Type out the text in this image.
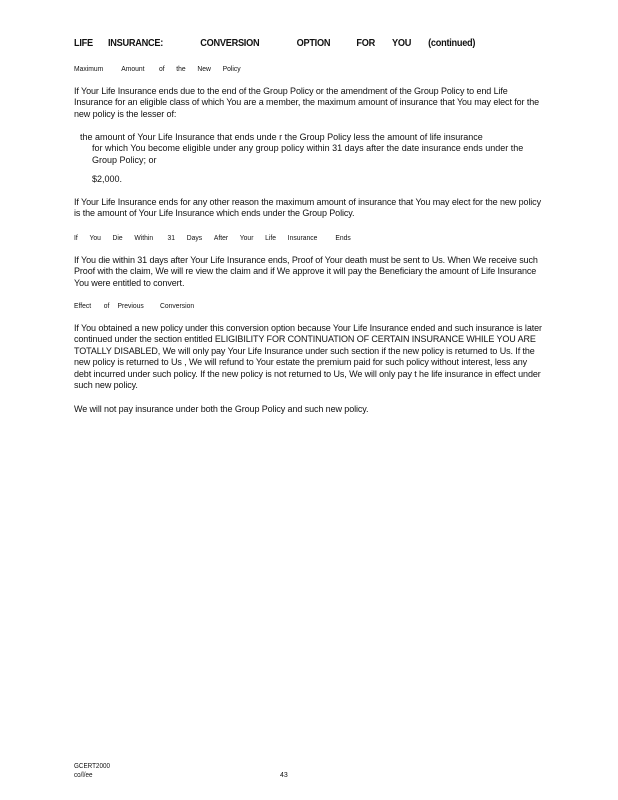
LIFE INSURANCE:	CONVERSION	OPTION	FOR YOU (continued)
Maximum Amount of the New Policy
If Your Life Insurance ends due to the end of the Group Policy or the amendment of the Group Policy to end Life Insurance for an eligible class of which You are a member, the maximum amount of insurance that You may elect for the new policy is the lesser of:
the amount of Your Life Insurance that ends unde r the Group Policy less the amount of life insurance
for which You become eligible under any group policy within 31 days after the date insurance ends under the Group Policy; or
$2,000.
If Your Life Insurance ends for any other reason the maximum amount of insurance that You may elect for the new policy is the amount of Your Life Insurance which ends under the Group Policy.
If You Die Within 31 Days After Your Life Insurance Ends
If You die within 31 days after Your Life Insurance ends, Proof of Your death must be sent to Us. When We receive such Proof with the claim, We will re view the claim and if We approve it will pay the Beneficiary the amount of Life Insurance You were entitled to convert.
Effect of Previous Conversion
If You obtained a new policy under this conversion option because Your Life Insurance ended and such insurance is later continued under the section entitled ELIGIBILITY FOR CONTINUATION OF CERTAIN INSURANCE WHILE YOU ARE TOTALLY DISABLED, We will only pay Your Life Insurance under such section if the new policy is returned to Us. If the new policy is returned to Us , We will refund to Your estate the premium paid for such policy without interest, less any debt incurred under such policy. If the new policy is not returned to Us, We will only pay t he life insurance in effect under such new policy.
We will not pay insurance under both the Group Policy and such new policy.
GCERT2000
co/l/ee	43
